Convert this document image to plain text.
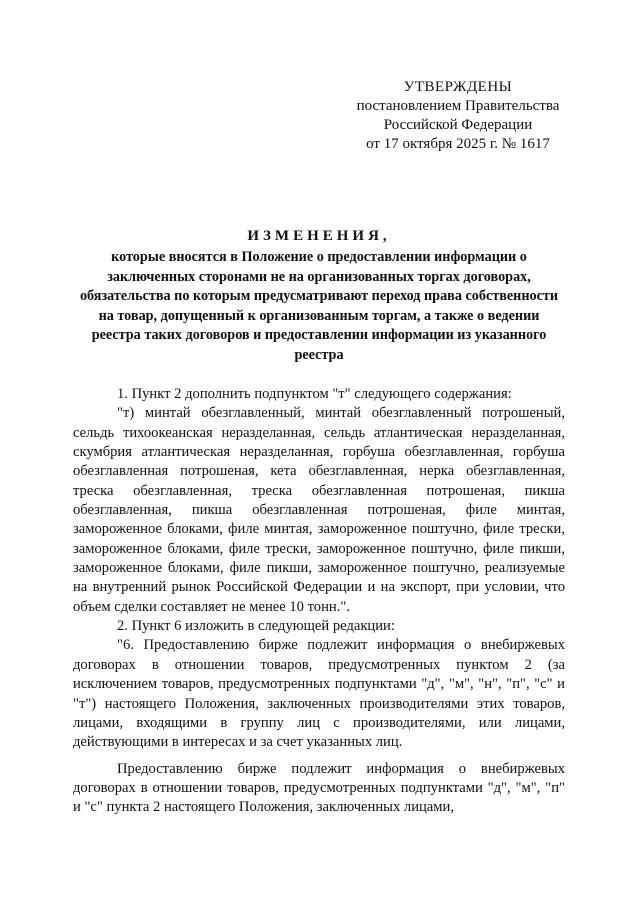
УТВЕРЖДЕНЫ
постановлением Правительства
Российской Федерации
от 17 октября 2025 г. № 1617
ИЗМЕНЕНИЯ,
которые вносятся в Положение о предоставлении информации о заключенных сторонами не на организованных торгах договорах, обязательства по которым предусматривают переход права собственности на товар, допущенный к организованным торгам, а также о ведении реестра таких договоров и предоставлении информации из указанного реестра

1. Пункт 2 дополнить подпунктом "т" следующего содержания:

"т) минтай обезглавленный, минтай обезглавленный потрошеный, сельдь тихоокеанская неразделанная, сельдь атлантическая неразделанная, скумбрия атлантическая неразделанная, горбуша обезглавленная, горбуша обезглавленная потрошеная, кета обезглавленная, нерка обезглавленная, треска обезглавленная, треска обезглавленная потрошеная, пикша обезглавленная, пикша обезглавленная потрошеная, филе минтая, замороженное блоками, филе минтая, замороженное поштучно, филе трески, замороженное блоками, филе трески, замороженное поштучно, филе пикши, замороженное блоками, филе пикши, замороженное поштучно, реализуемые на внутренний рынок Российской Федерации и на экспорт, при условии, что объем сделки составляет не менее 10 тонн.".

2. Пункт 6 изложить в следующей редакции:

"6. Предоставлению бирже подлежит информация о внебиржевых договорах в отношении товаров, предусмотренных пунктом 2 (за исключением товаров, предусмотренных подпунктами "д", "м", "н", "п", "с" и "т") настоящего Положения, заключенных производителями этих товаров, лицами, входящими в группу лиц с производителями, или лицами, действующими в интересах и за счет указанных лиц.

Предоставлению бирже подлежит информация о внебиржевых договорах в отношении товаров, предусмотренных подпунктами "д", "м", "п" и "с" пункта 2 настоящего Положения, заключенных лицами,
